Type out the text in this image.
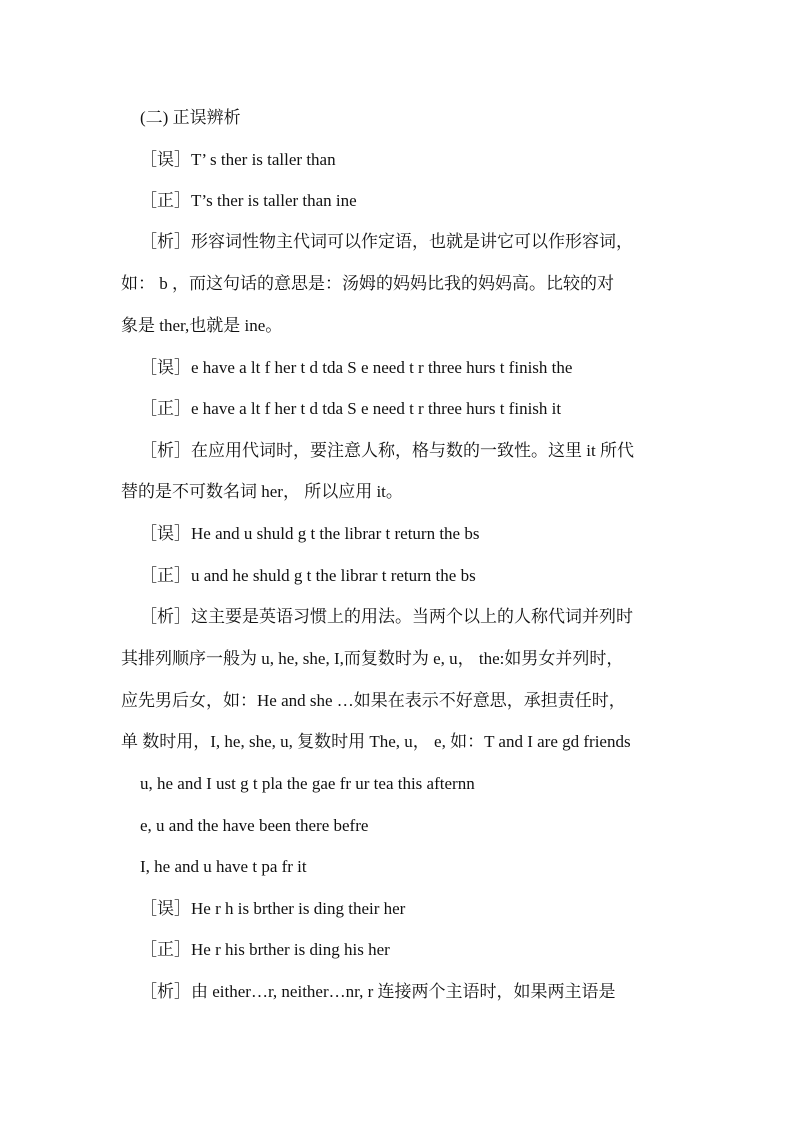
(二) 正误辨析
［误］T’ s ther is taller than
［正］T’s ther is taller than ine
［析］形容词性物主代词可以作定语，也就是讲它可以作形容词，
如： b ，而这句话的意思是：汤姆的妈妈比我的妈妈高。比较的对
象是 ther,也就是 ine。
［误］e have a lt f her t d tda S e need t r three hurs t finish the
［正］e have a lt f her t d tda S e need t r three hurs t finish it
［析］在应用代词时，要注意人称，格与数的一致性。这里 it 所代
替的是不可数名词 her， 所以应用 it。
［误］He and u shuld g t the librar t return the bs
［正］u and he shuld g t the librar t return the bs
［析］这主要是英语习惯上的用法。当两个以上的人称代词并列时
其排列顺序一般为 u, he, she, I,而复数时为 e, u， the:如男女并列时，
应先男后女，如：He and she …如果在表示不好意思，承担责任时，
单 数时用，I, he, she, u, 复数时用 The, u， e, 如：T and I are gd friends
u, he and I ust g t pla the gae fr ur tea this afternn
e, u and the have been there befre
I, he and u have t pa fr it
［误］He r h is brther is ding their her
［正］He r his brther is ding his her
［析］由 either…r, neither…nr, r 连接两个主语时，如果两主语是
